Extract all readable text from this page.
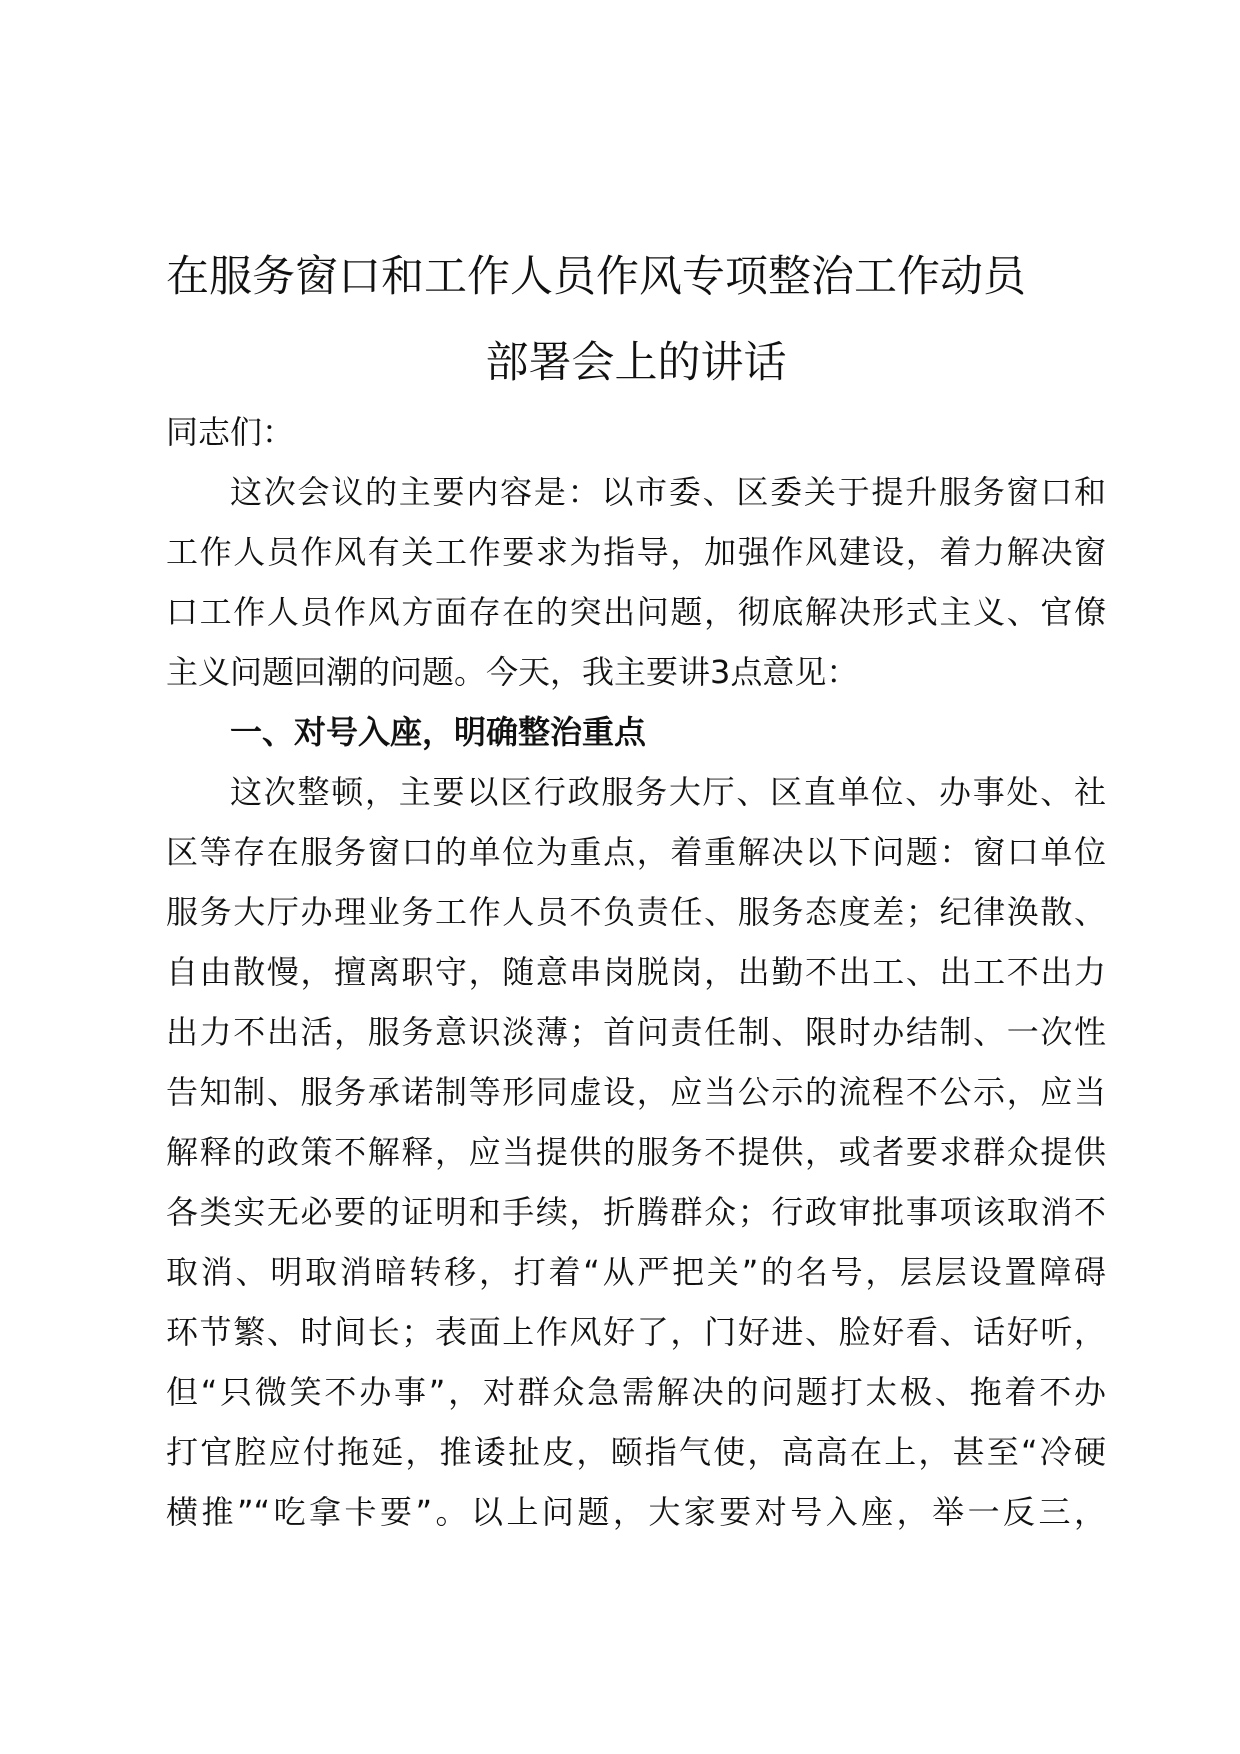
在服务窗口和工作人员作风专项整治工作动员
部署会上的讲话
同志们：
这次会议的主要内容是：以市委、区委关于提升服务窗口和
工作人员作风有关工作要求为指导，加强作风建设，着力解决窗
口工作人员作风方面存在的突出问题，彻底解决形式主义、官僚
主义问题回潮的问题。今天，我主要讲3点意见：
一、对号入座，明确整治重点
这次整顿，主要以区行政服务大厅、区直单位、办事处、社
区等存在服务窗口的单位为重点，着重解决以下问题：窗口单位
服务大厅办理业务工作人员不负责任、服务态度差；纪律涣散、
自由散慢，擅离职守，随意串岗脱岗，出勤不出工、出工不出力
出力不出活，服务意识淡薄；首问责任制、限时办结制、一次性
告知制、服务承诺制等形同虚设，应当公示的流程不公示，应当
解释的政策不解释，应当提供的服务不提供，或者要求群众提供
各类实无必要的证明和手续，折腾群众；行政审批事项该取消不
取消、明取消暗转移，打着“从严把关”的名号，层层设置障碍
环节繁、时间长；表面上作风好了，门好进、脸好看、话好听，
但“只微笑不办事”，对群众急需解决的问题打太极、拖着不办
打官腔应付拖延，推诿扯皮，颐指气使，高高在上，甚至“冷硬
横推”“吃拿卡要”。以上问题，大家要对号入座，举一反三，
